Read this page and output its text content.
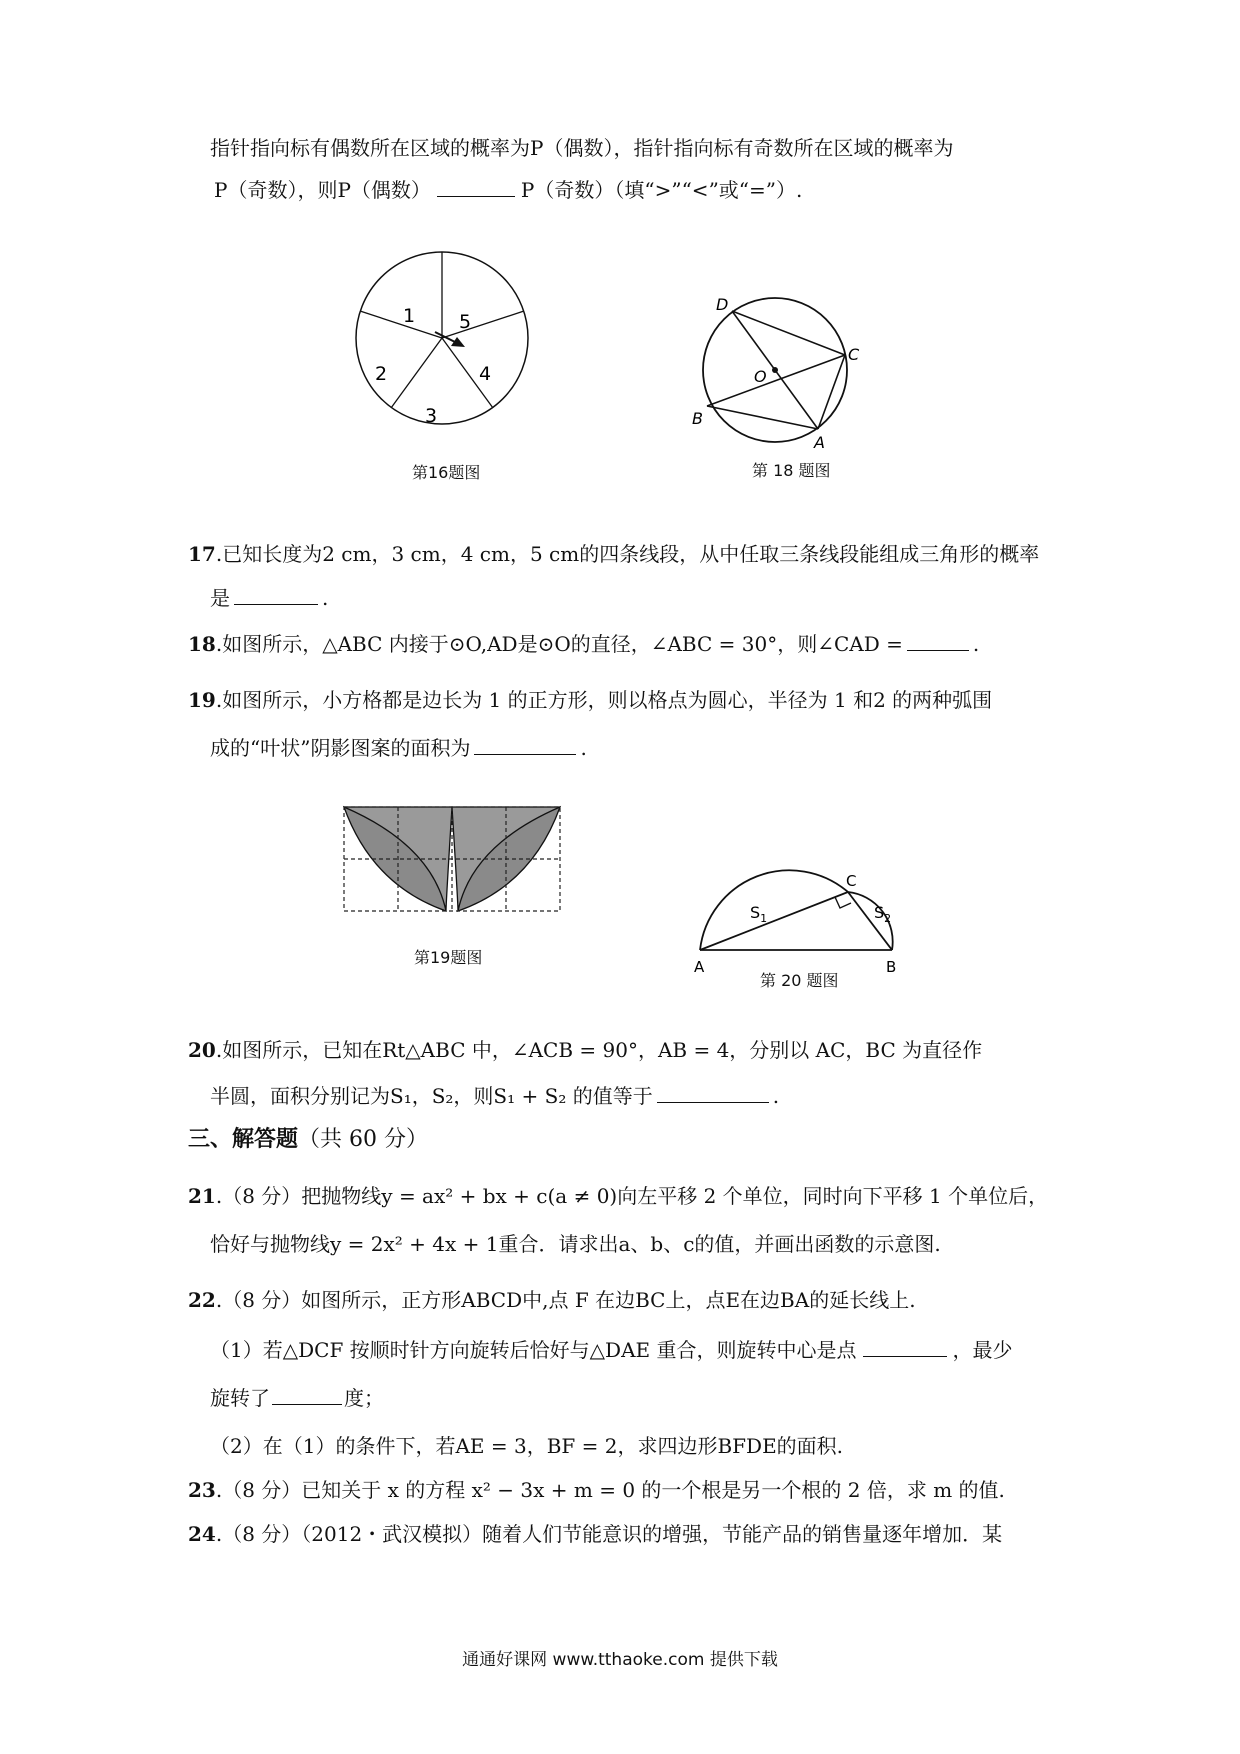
指针指向标有偶数所在区域的概率为P（偶数），指针指向标有奇数所在区域的概率为
P（奇数），则P（偶数）	P（奇数）（填“>”“<”或“=”）.
1 5
4
3
2
第16题图
D
C
O
B
A
第 18 题图
17.已知长度为2 cm，3 cm，4 cm，5 cm的四条线段，从中任取三条线段能组成三角形的概率
是	.
18.如图所示，△ABC 内接于⊙O,AD是⊙O的直径，∠ABC = 30°，则∠CAD =	.
19.如图所示，小方格都是边长为 1 的正方形，则以格点为圆心，半径为 1 和2 的两种弧围
成的“叶状”阴影图案的面积为	.
第19题图
C
$S_1$	$S_2$
A	B
第 20 题图
20.如图所示，已知在Rt△ABC 中，∠ACB = 90°，AB = 4，分别以 AC，BC 为直径作
半圆，面积分别记为S₁，S₂，则S₁ + S₂ 的值等于	.
三、解答题（共 60 分）
21.（8 分）把抛物线y = ax² + bx + c(a ≠ 0)向左平移 2 个单位，同时向下平移 1 个单位后，
恰好与抛物线y = 2x² + 4x + 1重合．请求出a、b、c的值，并画出函数的示意图.
22.（8 分）如图所示，正方形ABCD中,点 F 在边BC上，点E在边BA的延长线上.
（1）若△DCF 按顺时针方向旋转后恰好与△DAE 重合，则旋转中心是点	，最少
旋转了	度；
（2）在（1）的条件下，若AE = 3，BF = 2，求四边形BFDE的面积.
23.（8 分）已知关于 x 的方程 x² − 3x + m = 0 的一个根是另一个根的 2 倍，求 m 的值.
24.（8 分）（2012・武汉模拟）随着人们节能意识的增强，节能产品的销售量逐年增加．某
通通好课网 www.tthaoke.com 提供下载
